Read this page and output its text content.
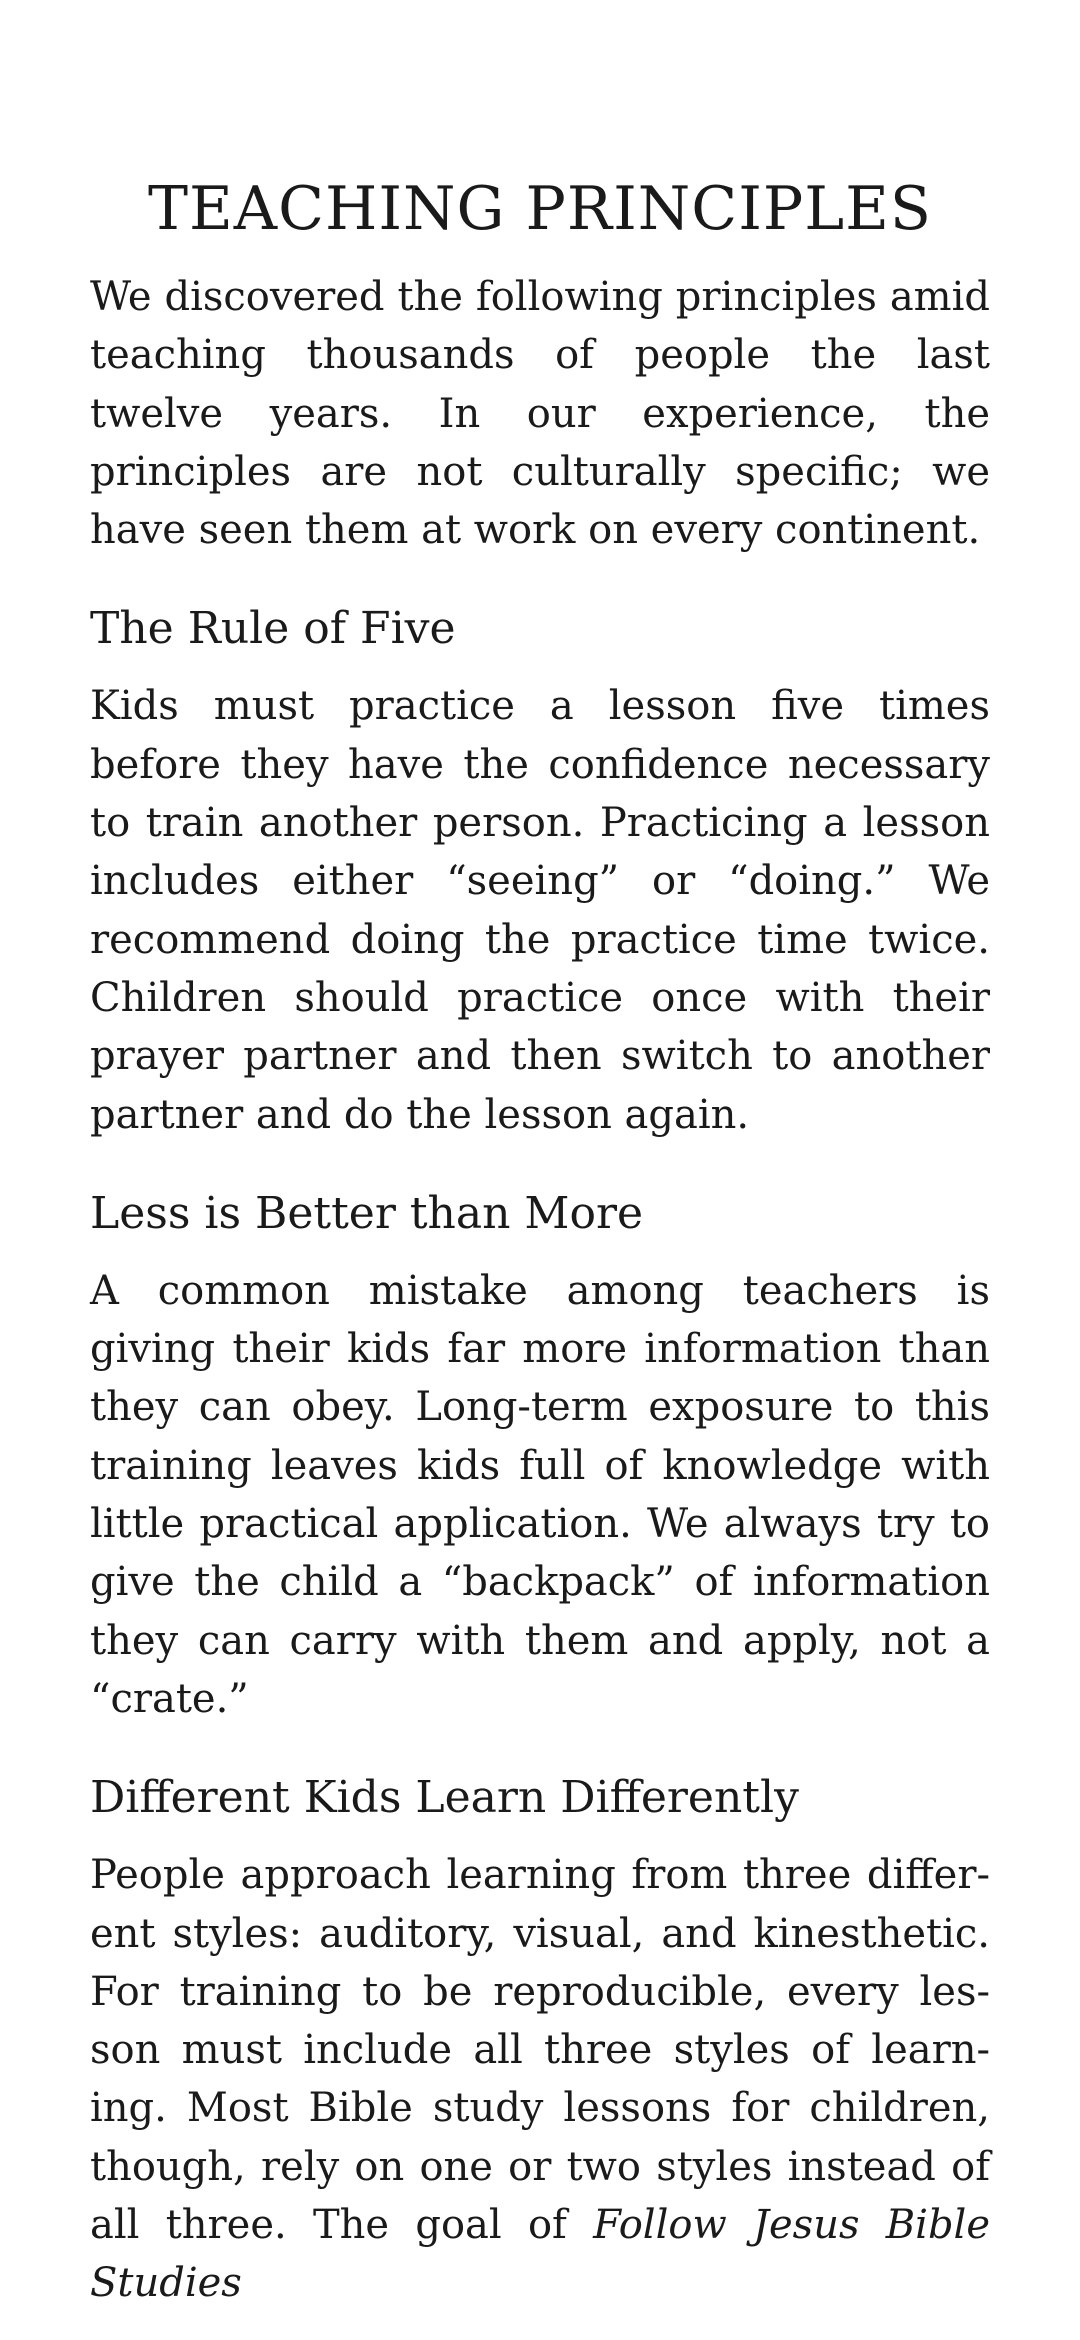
TEACHING PRINCIPLES

We discovered the following principles amid teaching thousands of people the last twelve years. In our experience, the principles are not culturally specific; we have seen them at work on every continent.

The Rule of Five

Kids must practice a lesson five times before they have the confidence necessary to train another person. Practicing a lesson includes either “seeing” or “doing.” We recommend doing the practice time twice. Children should practice once with their prayer partner and then switch to another partner and do the lesson again.

Less is Better than More

A common mistake among teachers is giving their kids far more information than they can obey. Long-term exposure to this training leaves kids full of knowledge with little practical application. We always try to give the child a “backpack” of information they can carry with them and apply, not a “crate.”

Different Kids Learn Differently

People approach learning from three different styles: auditory, visual, and kinesthetic. For training to be reproducible, every lesson must include all three styles of learning. Most Bible study lessons for children, though, rely on one or two styles instead of all three. The goal of Follow Jesus Bible Studies
